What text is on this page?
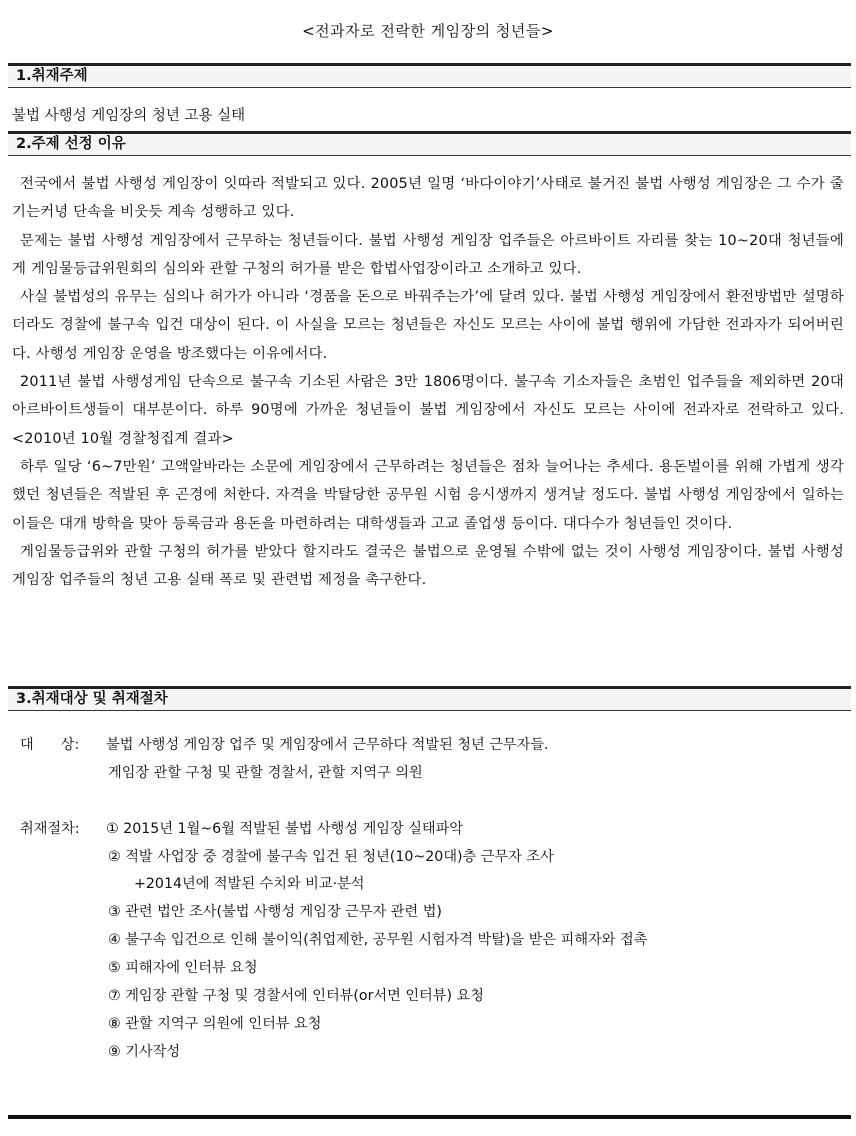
<전과자로 전락한 게임장의 청년들>
1.취재주제
불법 사행성 게임장의 청년 고용 실태
2.주제 선정 이유

전국에서 불법 사행성 게임장이 잇따라 적발되고 있다. 2005년 일명 ‘바다이야기’사태로 불거진 불법 사행성 게임장은 그 수가 줄기는커녕 단속을 비웃듯 계속 성행하고 있다.

문제는 불법 사행성 게임장에서 근무하는 청년들이다. 불법 사행성 게임장 업주들은 아르바이트 자리를 찾는 10~20대 청년들에게 게임물등급위원회의 심의와 관할 구청의 허가를 받은 합법사업장이라고 소개하고 있다.

사실 불법성의 유무는 심의나 허가가 아니라 ‘경품을 돈으로 바꿔주는가’에 달려 있다. 불법 사행성 게임장에서 환전방법만 설명하더라도 경찰에 불구속 입건 대상이 된다. 이 사실을 모르는 청년들은 자신도 모르는 사이에 불법 행위에 가담한 전과자가 되어버린다. 사행성 게임장 운영을 방조했다는 이유에서다.

2011년 불법 사행성게임 단속으로 불구속 기소된 사람은 3만 1806명이다. 불구속 기소자들은 초범인 업주들을 제외하면 20대 아르바이트생들이 대부분이다. 하루 90명에 가까운 청년들이 불법 게임장에서 자신도 모르는 사이에 전과자로 전락하고 있다. <2010년 10월 경찰청집계 결과>

하루 일당 ‘6~7만원’ 고액알바라는 소문에 게임장에서 근무하려는 청년들은 점차 늘어나는 추세다. 용돈벌이를 위해 가볍게 생각했던 청년들은 적발된 후 곤경에 처한다. 자격을 박탈당한 공무원 시험 응시생까지 생겨날 정도다. 불법 사행성 게임장에서 일하는 이들은 대개 방학을 맞아 등록금과 용돈을 마련하려는 대학생들과 고교 졸업생 등이다. 대다수가 청년들인 것이다.

게임물등급위와 관할 구청의 허가를 받았다 할지라도 결국은 불법으로 운영될 수밖에 없는 것이 사행성 게임장이다. 불법 사행성 게임장 업주들의 청년 고용 실태 폭로 및 관련법 제정을 촉구한다.

3.취재대상 및 취재절차
대      상: 불법 사행성 게임장 업주 및 게임장에서 근무하다 적발된 청년 근무자들.
게임장 관할 구청 및 관할 경찰서, 관할 지역구 의원
취재절차: ① 2015년 1월~6월 적발된 불법 사행성 게임장 실태파악
② 적발 사업장 중 경찰에 불구속 입건 된 청년(10~20대)층 근무자 조사
+2014년에 적발된 수치와 비교·분석
③ 관련 법안 조사(불법 사행성 게임장 근무자 관련 법)
④ 불구속 입건으로 인해 불이익(취업제한, 공무원 시험자격 박탈)을 받은 피해자와 접촉
⑤ 피해자에 인터뷰 요청
⑦ 게임장 관할 구청 및 경찰서에 인터뷰(or서면 인터뷰) 요청
⑧ 관할 지역구 의원에 인터뷰 요청
⑨ 기사작성
